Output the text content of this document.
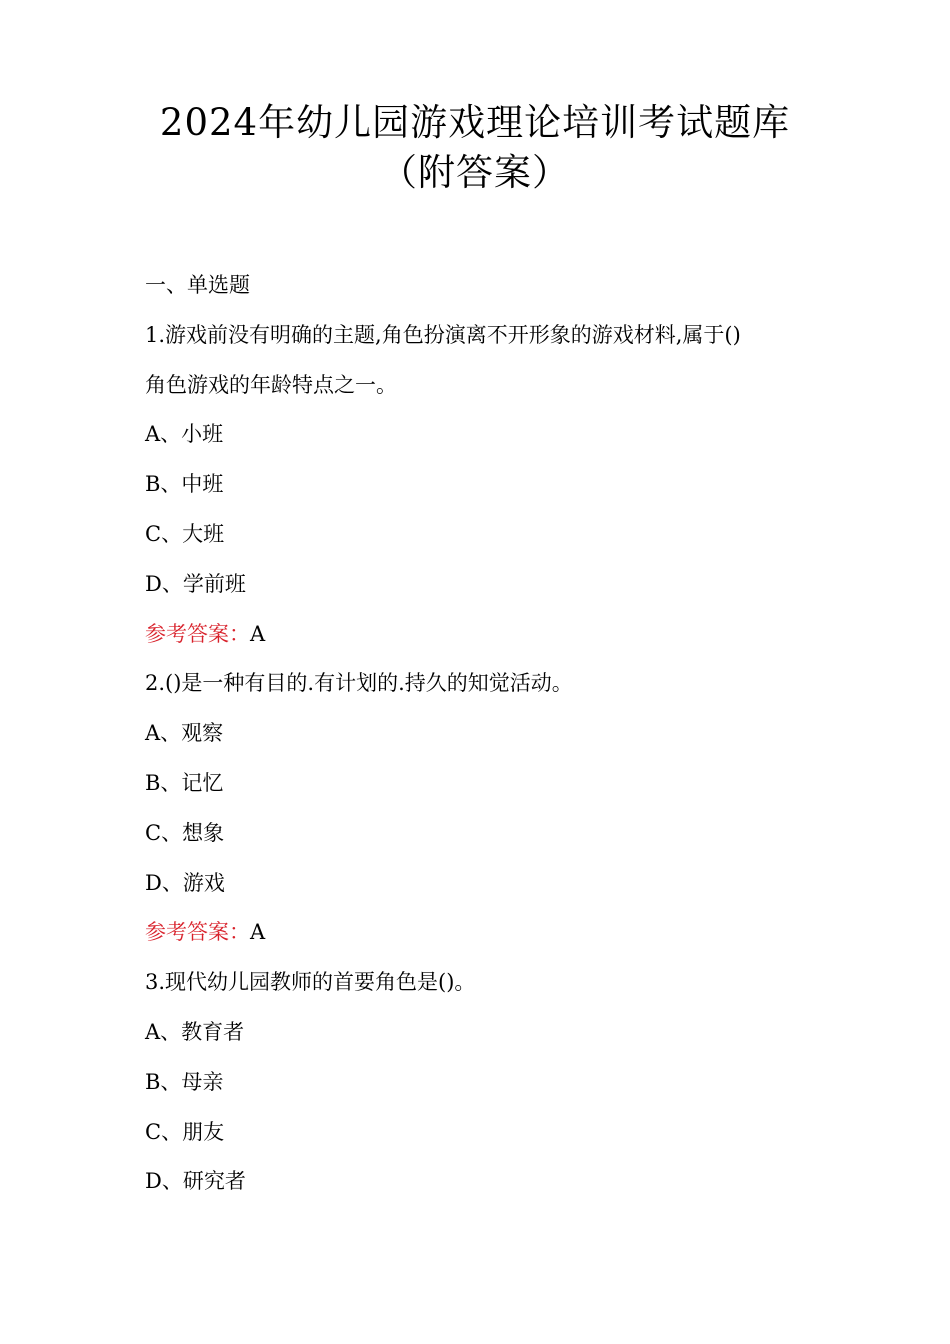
2024年幼儿园游戏理论培训考试题库
（附答案）
一、单选题
1.游戏前没有明确的主题,角色扮演离不开形象的游戏材料,属于()
角色游戏的年龄特点之一。
A、小班
B、中班
C、大班
D、学前班
参考答案：A
2.()是一种有目的.有计划的.持久的知觉活动。
A、观察
B、记忆
C、想象
D、游戏
参考答案：A
3.现代幼儿园教师的首要角色是()。
A、教育者
B、母亲
C、朋友
D、研究者
